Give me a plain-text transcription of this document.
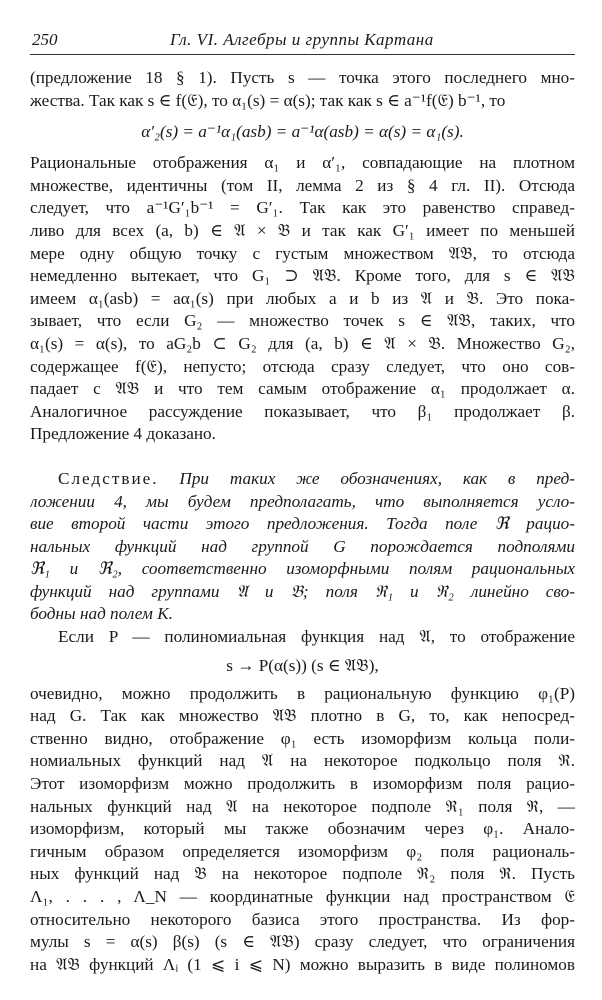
250	Гл. VI. Алгебры и группы Картана
(предложение 18 § 1). Пусть s — точка этого последнего мно-
жества. Так как s ∈ f(𝔈), то α₁(s) = α(s); так как s ∈ a⁻¹f(𝔈) b⁻¹, то
α′₂(s) = a⁻¹α₁(asb) = a⁻¹α(asb) = α(s) = α₁(s).
Рациональные отображения α₁ и α′₁, совпадающие на плотном
множестве, идентичны (том II, лемма 2 из § 4 гл. II). Отсюда
следует, что a⁻¹G′₁b⁻¹ = G′₁. Так как это равенство справед-
ливо для всех (a, b) ∈ 𝔄 × 𝔅 и так как G′₁ имеет по меньшей
мере одну общую точку с густым множеством 𝔄𝔅, то отсюда
немедленно вытекает, что G₁ ⊃ 𝔄𝔅. Кроме того, для s ∈ 𝔄𝔅
имеем α₁(asb) = aα₁(s) при любых a и b из 𝔄 и 𝔅. Это пока-
зывает, что если G₂ — множество точек s ∈ 𝔄𝔅, таких, что
α₁(s) = α(s), то aG₂b ⊂ G₂ для (a, b) ∈ 𝔄 × 𝔅. Множество G₂,
содержащее f(𝔈), непусто; отсюда сразу следует, что оно сов-
падает с 𝔄𝔅 и что тем самым отображение α₁ продолжает α.
Аналогичное рассуждение показывает, что β₁ продолжает β.
Предложение 4 доказано.
Следствие. При таких же обозначениях, как в пред-
ложении 4, мы будем предполагать, что выполняется усло-
вие второй части этого предложения. Тогда поле ℜ рацио-
нальных функций над группой G порождается подполями
ℜ₁ и ℜ₂, соответственно изоморфными полям рациональных
функций над группами 𝔄 и 𝔅; поля ℜ₁ и ℜ₂ линейно сво-
бодны над полем K.
Если P — полиномиальная функция над 𝔄, то отображение
s → P(α(s)) (s ∈ 𝔄𝔅),
очевидно, можно продолжить в рациональную функцию φ₁(P)
над G. Так как множество 𝔄𝔅 плотно в G, то, как непосред-
ственно видно, отображение φ₁ есть изоморфизм кольца поли-
номиальных функций над 𝔄 на некоторое подкольцо поля ℜ.
Этот изоморфизм можно продолжить в изоморфизм поля рацио-
нальных функций над 𝔄 на некоторое подполе ℜ₁ поля ℜ, —
изоморфизм, который мы также обозначим через φ₁. Аналo-
гичным образом определяется изоморфизм φ₂ поля рациональ-
ных функций над 𝔅 на некоторое подполе ℜ₂ поля ℜ. Пусть
Λ₁, . . . , Λ_N — координатные функции над пространством 𝔈
относительно некоторого базиса этого пространства. Из фор-
мулы s = α(s) β(s) (s ∈ 𝔄𝔅) сразу следует, что ограничения
на 𝔄𝔅 функций Λᵢ (1 ⩽ i ⩽ N) можно выразить в виде полиномов
